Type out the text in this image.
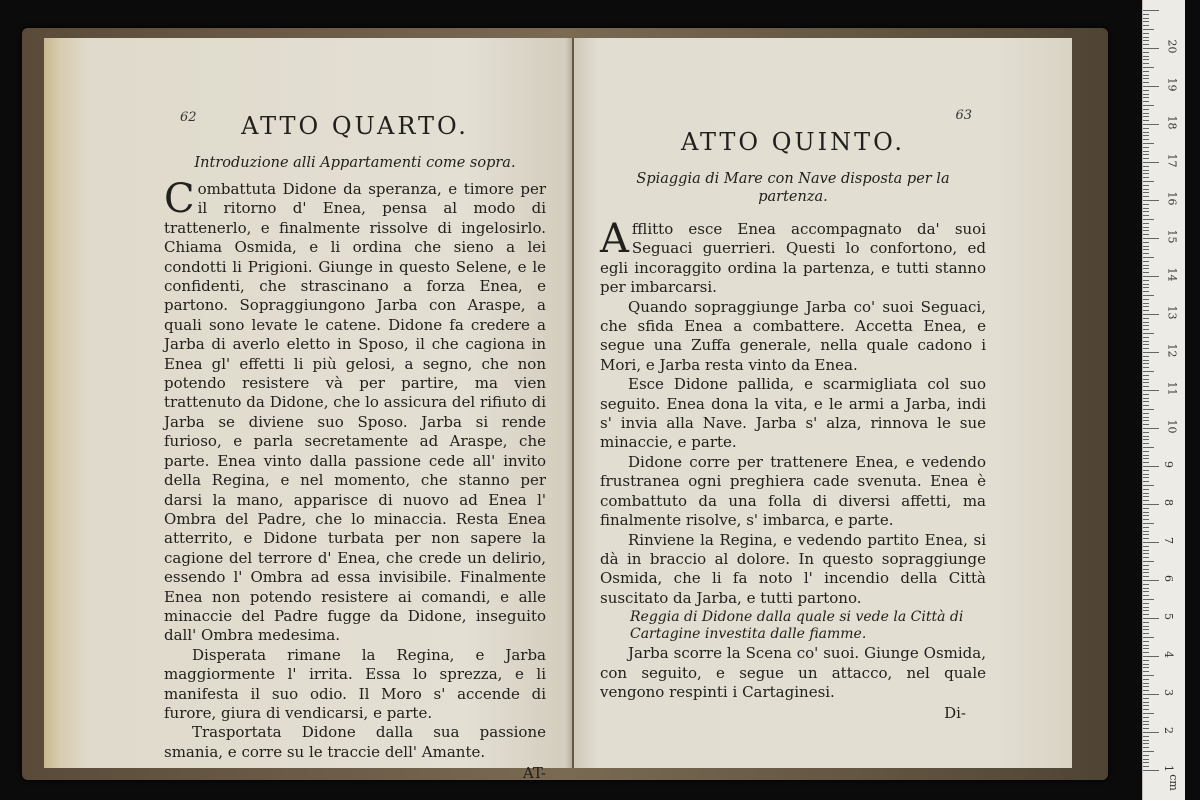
62	ATTO QUARTO.

Introduzione alli Appartamenti come sopra.

Combattuta Didone da speranza, e timore per il ritorno d' Enea, pensa al modo di trattenerlo, e finalmente rissolve di ingelosirlo. Chiama Osmida, e li ordina che sieno a lei condotti li Prigioni. Giunge in questo Selene, e le confidenti, che strascinano a forza Enea, e partono. Sopraggiungono Jarba con Araspe, a quali sono levate le catene. Didone fa credere a Jarba di averlo eletto in Sposo, il che cagiona in Enea gl' effetti li più gelosi, a segno, che non potendo resistere và per partire, ma vien trattenuto da Didone, che lo assicura del rifiuto di Jarba se diviene suo Sposo. Jarba si rende furioso, e parla secretamente ad Araspe, che parte. Enea vinto dalla passione cede all' invito della Regina, e nel momento, che stanno per darsi la mano, apparisce di nuovo ad Enea l' Ombra del Padre, che lo minaccia. Resta Enea atterrito, e Didone turbata per non sapere la cagione del terrore d' Enea, che crede un delirio, essendo l' Ombra ad essa invisibile. Finalmente Enea non potendo resistere ai comandi, e alle minaccie del Padre fugge da Didone, inseguito dall' Ombra medesima.

Disperata rimane la Regina, e Jarba maggiormente l' irrita. Essa lo sprezza, e li manifesta il suo odio. Il Moro s' accende di furore, giura di vendicarsi, e parte.

Trasportata Didone dalla sua passione smania, e corre su le traccie dell' Amante.

AT-
63
ATTO QUINTO.

Spiaggia di Mare con Nave disposta per la partenza.

Afflitto esce Enea accompagnato da' suoi Seguaci guerrieri. Questi lo confortono, ed egli incoraggito ordina la partenza, e tutti stanno per imbarcarsi.

Quando sopraggiunge Jarba co' suoi Seguaci, che sfida Enea a combattere. Accetta Enea, e segue una Zuffa generale, nella quale cadono i Mori, e Jarba resta vinto da Enea.

Esce Didone pallida, e scarmigliata col suo seguito. Enea dona la vita, e le armi a Jarba, indi s' invia alla Nave. Jarba s' alza, rinnova le sue minaccie, e parte.

Didone corre per trattenere Enea, e vedendo frustranea ogni preghiera cade svenuta. Enea è combattuto da una folla di diversi affetti, ma finalmente risolve, s' imbarca, e parte.

Rinviene la Regina, e vedendo partito Enea, si dà in braccio al dolore. In questo sopraggiunge Osmida, che li fa noto l' incendio della Città suscitato da Jarba, e tutti partono.

Reggia di Didone dalla quale si vede la Città di Cartagine investita dalle fiamme.

Jarba scorre la Scena co' suoi. Giunge Osmida, con seguito, e segue un attacco, nel quale vengono respinti i Cartaginesi.

Di-
20
19
18
17
16
15
14
13
12
11
10
9
8
7
6
5
4
3
2
1
cm
